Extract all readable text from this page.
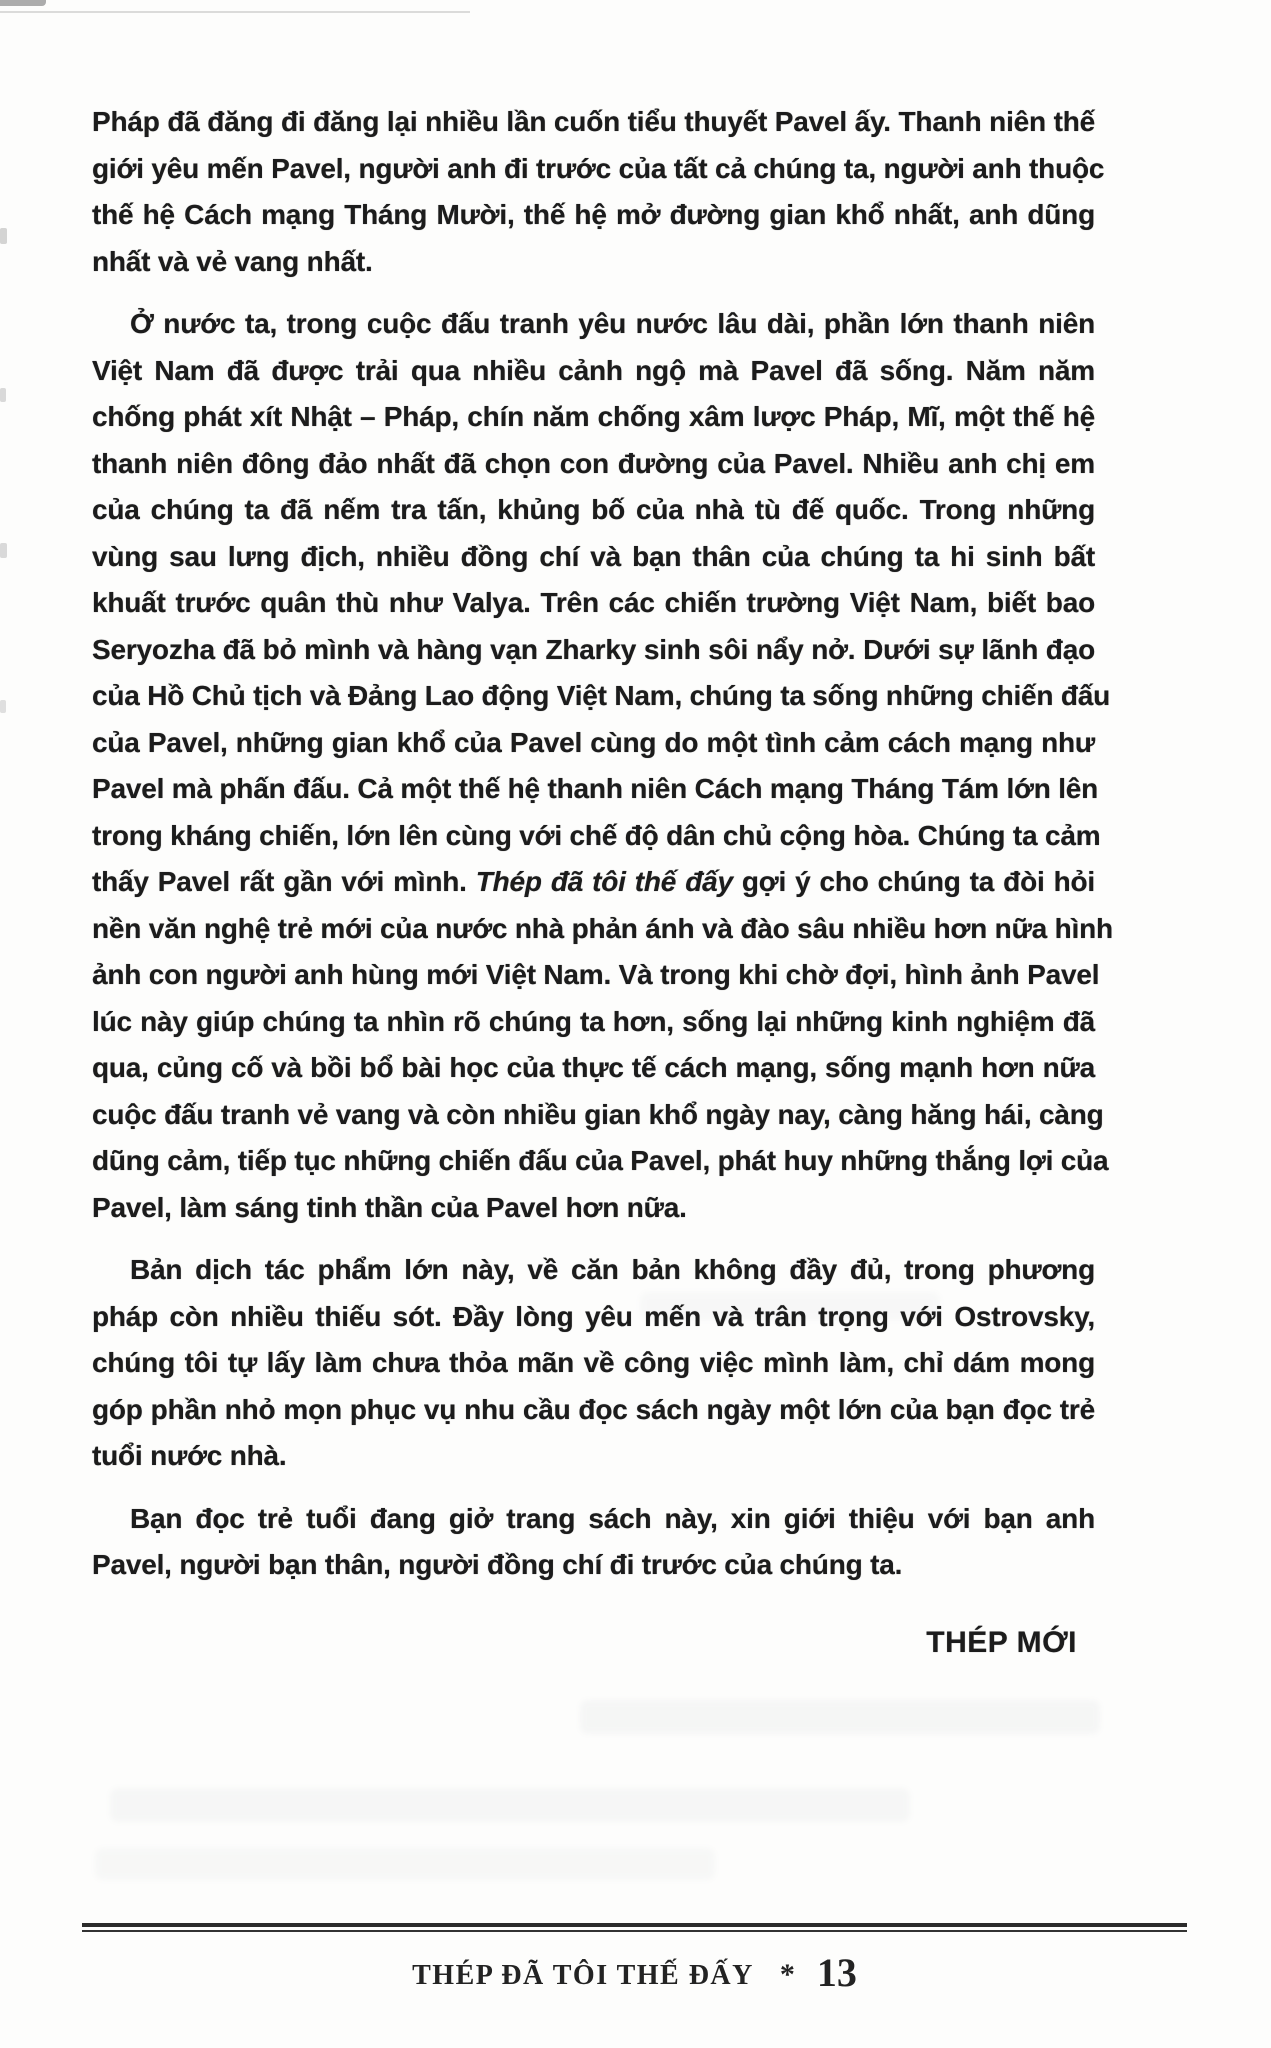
Pháp đã đăng đi đăng lại nhiều lần cuốn tiểu thuyết Pavel ấy. Thanh niên thế
giới yêu mến Pavel, người anh đi trước của tất cả chúng ta, người anh thuộc
thế hệ Cách mạng Tháng Mười, thế hệ mở đường gian khổ nhất, anh dũng
nhất và vẻ vang nhất.
Ở nước ta, trong cuộc đấu tranh yêu nước lâu dài, phần lớn thanh niên
Việt Nam đã được trải qua nhiều cảnh ngộ mà Pavel đã sống. Năm năm
chống phát xít Nhật – Pháp, chín năm chống xâm lược Pháp, Mĩ, một thế hệ
thanh niên đông đảo nhất đã chọn con đường của Pavel. Nhiều anh chị em
của chúng ta đã nếm tra tấn, khủng bố của nhà tù đế quốc. Trong những
vùng sau lưng địch, nhiều đồng chí và bạn thân của chúng ta hi sinh bất
khuất trước quân thù như Valya. Trên các chiến trường Việt Nam, biết bao
Seryozha đã bỏ mình và hàng vạn Zharky sinh sôi nẩy nở. Dưới sự lãnh đạo
của Hồ Chủ tịch và Đảng Lao động Việt Nam, chúng ta sống những chiến đấu
của Pavel, những gian khổ của Pavel cùng do một tình cảm cách mạng như
Pavel mà phấn đấu. Cả một thế hệ thanh niên Cách mạng Tháng Tám lớn lên
trong kháng chiến, lớn lên cùng với chế độ dân chủ cộng hòa. Chúng ta cảm
thấy Pavel rất gần với mình. Thép đã tôi thế đấy gợi ý cho chúng ta đòi hỏi
nền văn nghệ trẻ mới của nước nhà phản ánh và đào sâu nhiều hơn nữa hình
ảnh con người anh hùng mới Việt Nam. Và trong khi chờ đợi, hình ảnh Pavel
lúc này giúp chúng ta nhìn rõ chúng ta hơn, sống lại những kinh nghiệm đã
qua, củng cố và bồi bổ bài học của thực tế cách mạng, sống mạnh hơn nữa
cuộc đấu tranh vẻ vang và còn nhiều gian khổ ngày nay, càng hăng hái, càng
dũng cảm, tiếp tục những chiến đấu của Pavel, phát huy những thắng lợi của
Pavel, làm sáng tinh thần của Pavel hơn nữa.
Bản dịch tác phẩm lớn này, về căn bản không đầy đủ, trong phương
pháp còn nhiều thiếu sót. Đầy lòng yêu mến và trân trọng với Ostrovsky,
chúng tôi tự lấy làm chưa thỏa mãn về công việc mình làm, chỉ dám mong
góp phần nhỏ mọn phục vụ nhu cầu đọc sách ngày một lớn của bạn đọc trẻ
tuổi nước nhà.
Bạn đọc trẻ tuổi đang giở trang sách này, xin giới thiệu với bạn anh
Pavel, người bạn thân, người đồng chí đi trước của chúng ta.
THÉP MỚI
THÉP ĐÃ TÔI THẾ ĐẤY * 13
